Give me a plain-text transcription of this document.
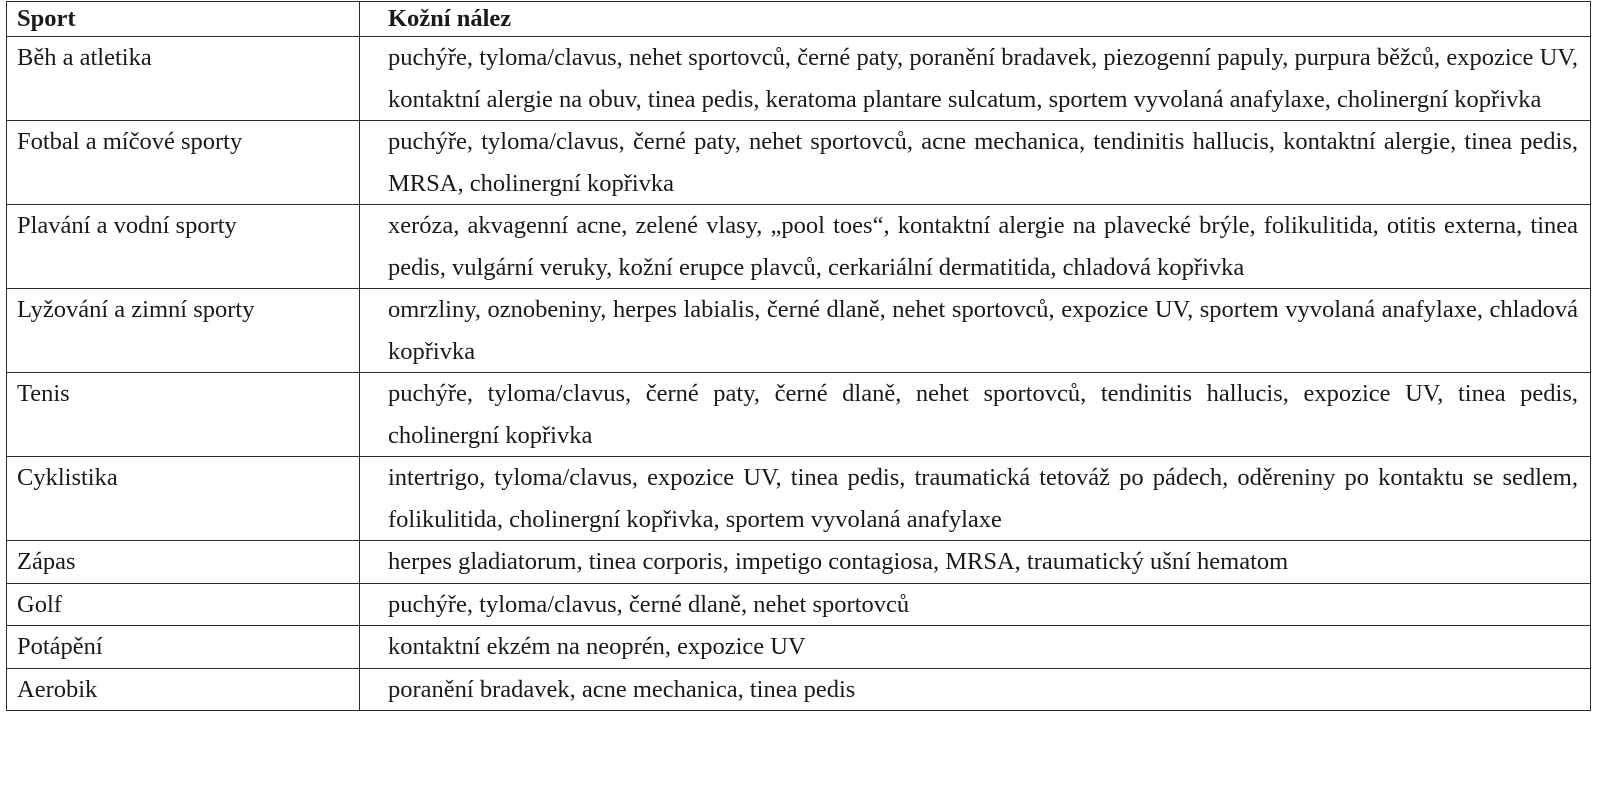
Sport	Kožní nález
Běh a atletika	puchýře, tyloma/clavus, nehet sportovců, černé paty, poranění bradavek, piezogenní papuly, purpura běžců, expozice UV, kontaktní alergie na obuv, tinea pedis, keratoma plantare sulcatum, sportem vyvolaná anafylaxe, cholinergní kopřivka
Fotbal a míčové sporty	puchýře, tyloma/clavus, černé paty, nehet sportovců, acne mechanica, tendinitis hallucis, kontaktní alergie, tinea pedis, MRSA, cholinergní kopřivka
Plavání a vodní sporty	xeróza, akvagenní acne, zelené vlasy, „pool toes“, kontaktní alergie na plavecké brýle, folikulitida, otitis externa, tinea pedis, vulgární veruky, kožní erupce plavců, cerkariální dermatitida, chladová kopřivka
Lyžování a zimní sporty	omrzliny, oznobeniny, herpes labialis, černé dlaně, nehet sportovců, expozice UV, sportem vyvolaná anafylaxe, chladová kopřivka
Tenis	puchýře, tyloma/clavus, černé paty, černé dlaně, nehet sportovců, tendinitis hallucis, expozice UV, tinea pedis, cholinergní kopřivka
Cyklistika	intertrigo, tyloma/clavus, expozice UV, tinea pedis, traumatická tetováž po pádech, oděreniny po kontaktu se sedlem, folikulitida, cholinergní kopřivka, sportem vyvolaná anafylaxe
Zápas	herpes gladiatorum, tinea corporis, impetigo contagiosa, MRSA, traumatický ušní hematom
Golf	puchýře, tyloma/clavus, černé dlaně, nehet sportovců
Potápění	kontaktní ekzém na neoprén, expozice UV
Aerobik	poranění bradavek, acne mechanica, tinea pedis
